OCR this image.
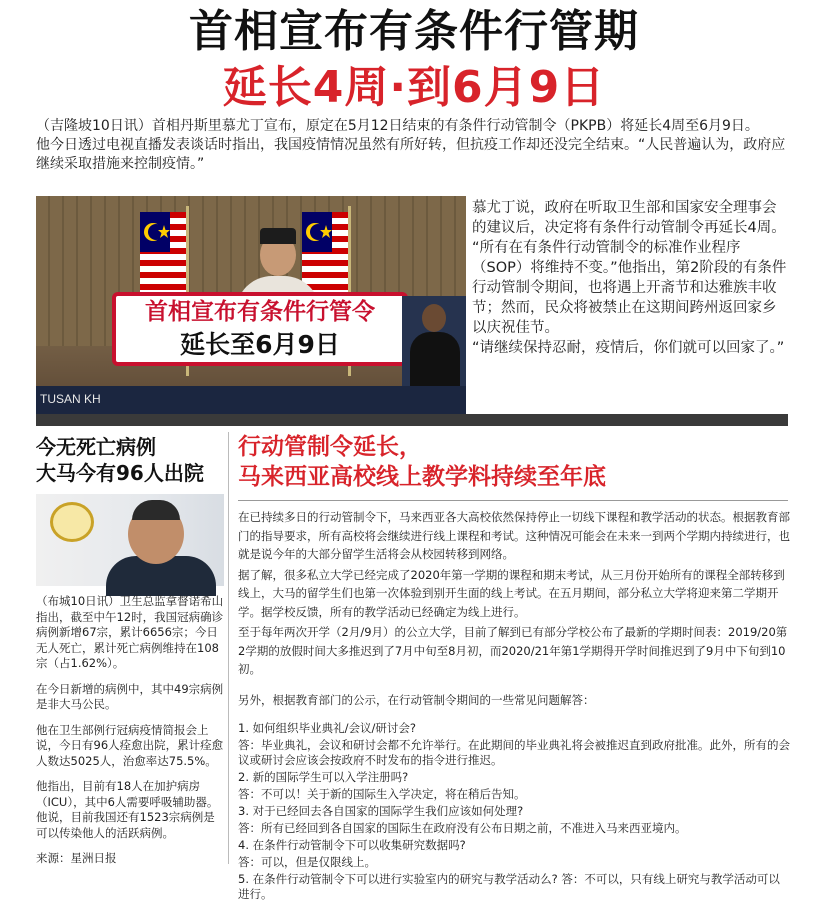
首相宣布有条件行管期
延长4周·到6月9日

（吉隆坡10日讯）首相丹斯里慕尤丁宣布，原定在5月12日结束的有条件行动管制令（PKPB）将延长4周至6月9日。

他今日透过电视直播发表谈话时指出，我国疫情情况虽然有所好转，但抗疫工作却还没完全结束。“人民普遍认为，政府应继续采取措施来控制疫情。”

首相宣布有条件行管令
延长至6月9日
TUSAN KH

慕尤丁说，政府在听取卫生部和国家安全理事会的建议后，决定将有条件行动管制令再延长4周。

“所有在有条件行动管制令的标准作业程序（SOP）将维持不变。”他指出，第2阶段的有条件行动管制令期间，也将遇上开斋节和达雅族丰收节；然而，民众将被禁止在这期间跨州返回家乡以庆祝佳节。

“请继续保持忍耐，疫情后，你们就可以回家了。”

今无死亡病例
大马今有96人出院

（布城10日讯）卫生总监拿督诺希山指出，截至中午12时，我国冠病确诊病例新增67宗，累计6656宗；今日无人死亡，累计死亡病例维持在108宗（占1.62%）。

在今日新增的病例中，其中49宗病例是非大马公民。

他在卫生部例行冠病疫情简报会上说，今日有96人痊愈出院，累计痊愈人数达5025人，治愈率达75.5%。

他指出，目前有18人在加护病房（ICU），其中6人需要呼吸辅助器。他说，目前我国还有1523宗病例是可以传染他人的活跃病例。

来源：星洲日报

行动管制令延长，
马来西亚高校线上教学料持续至年底

在已持续多日的行动管制令下，马来西亚各大高校依然保持停止一切线下课程和教学活动的状态。根据教育部门的指导要求，所有高校将会继续进行线上课程和考试。这种情况可能会在未来一到两个学期内持续进行，也就是说今年的大部分留学生活将会从校园转移到网络。

据了解，很多私立大学已经完成了2020年第一学期的课程和期末考试，从三月份开始所有的课程全部转移到线上，大马的留学生们也第一次体验到别开生面的线上考试。在五月期间，部分私立大学将迎来第二学期开学。据学校反馈，所有的教学活动已经确定为线上进行。

至于每年两次开学（2月/9月）的公立大学，目前了解到已有部分学校公布了最新的学期时间表：2019/20第2学期的放假时间大多推迟到了7月中旬至8月初，而2020/21年第1学期得开学时间推迟到了9月中下旬到10初。

另外，根据教育部门的公示，在行动管制令期间的一些常见问题解答：

1. 如何组织毕业典礼/会议/研讨会?

答：毕业典礼，会议和研讨会都不允许举行。在此期间的毕业典礼将会被推迟直到政府批准。此外，所有的会议或研讨会应该会按政府不时发布的指令进行推迟。

2. 新的国际学生可以入学注册吗?

答：不可以！关于新的国际生入学决定，将在稍后告知。

3. 对于已经回去各自国家的国际学生我们应该如何处理?

答：所有已经回到各自国家的国际生在政府没有公布日期之前，不准进入马来西亚境内。

4. 在条件行动管制令下可以收集研究数据吗?

答：可以，但是仅限线上。

5. 在条件行动管制令下可以进行实验室内的研究与教学活动么? 答：不可以，只有线上研究与教学活动可以进行。
